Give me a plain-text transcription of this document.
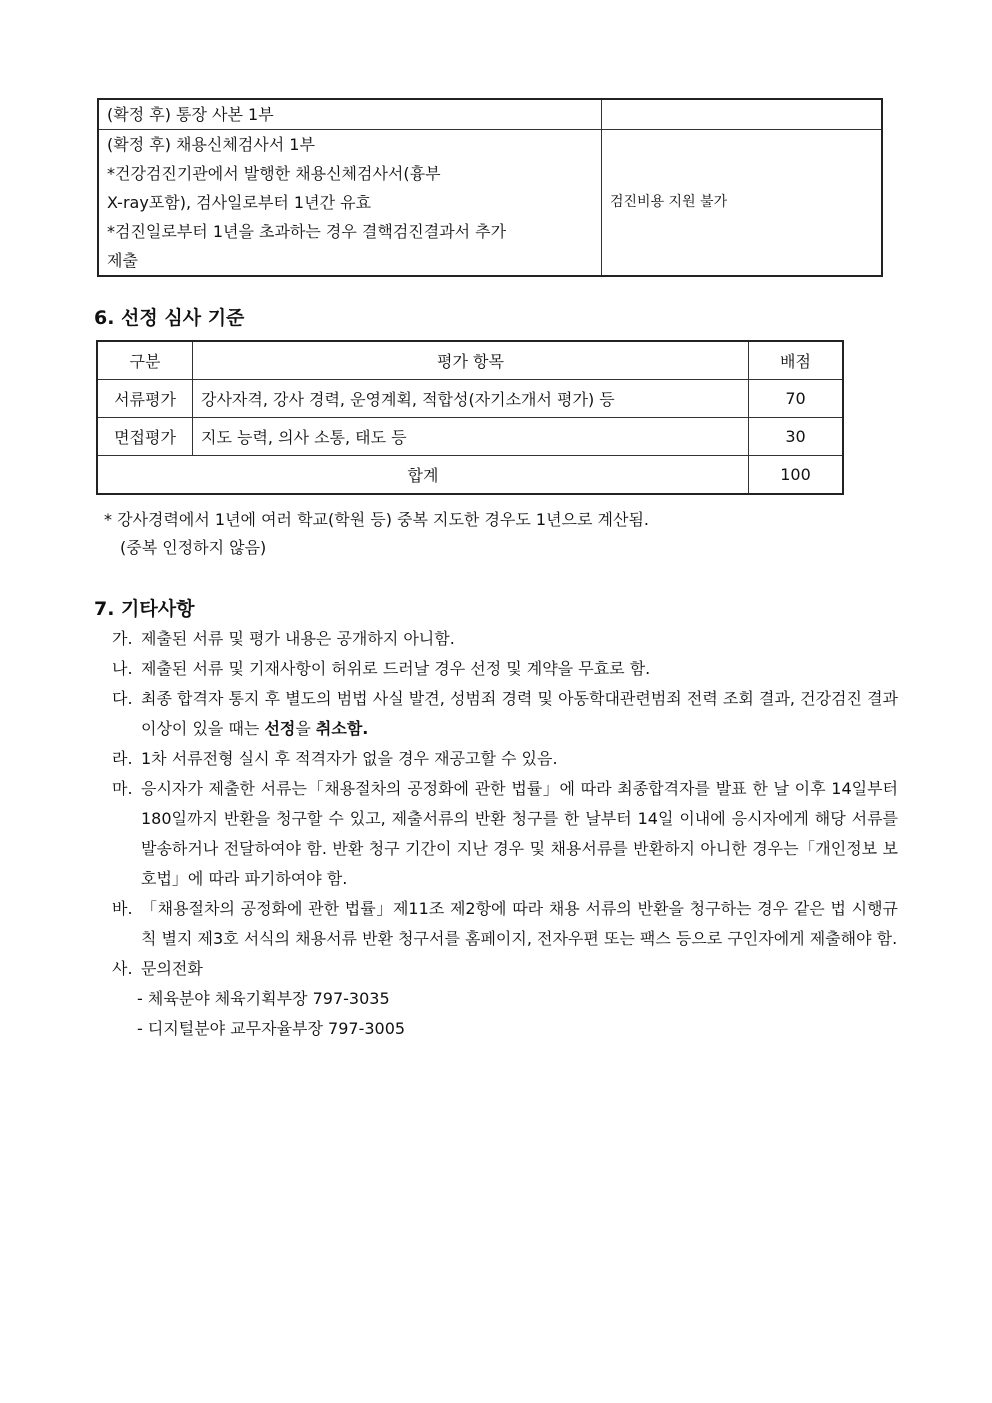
(확정 후) 통장 사본 1부	

(확정 후) 채용신체검사서 1부
*건강검진기관에서 발행한 채용신체검사서(흉부
X-ray포함), 검사일로부터 1년간 유효
*검진일로부터 1년을 초과하는 경우 결핵검진결과서 추가
제출	검진비용 지원 불가
6. 선정 심사 기준
구분	평가 항목	배점
서류평가	강사자격, 강사 경력, 운영계획, 적합성(자기소개서 평가) 등	70
면접평가	지도 능력, 의사 소통, 태도 등	30
합계		100

* 강사경력에서 1년에 여러 학교(학원 등) 중복 지도한 경우도 1년으로 계산됨.

(중복 인정하지 않음)

7. 기타사항
가. 제출된 서류 및 평가 내용은 공개하지 아니함.
나. 제출된 서류 및 기재사항이 허위로 드러날 경우 선정 및 계약을 무효로 함.
다. 최종 합격자 통지 후 별도의 범법 사실 발견, 성범죄 경력 및 아동학대관련범죄 전력 조회 결과, 건강검진 결과 이상이 있을 때는 선정을 취소함.
라. 1차 서류전형 실시 후 적격자가 없을 경우 재공고할 수 있음.
마. 응시자가 제출한 서류는「채용절차의 공정화에 관한 법률」에 따라 최종합격자를 발표 한 날 이후 14일부터 180일까지 반환을 청구할 수 있고, 제출서류의 반환 청구를 한 날부터 14일 이내에 응시자에게 해당 서류를 발송하거나 전달하여야 함. 반환 청구 기간이 지난 경우 및 채용서류를 반환하지 아니한 경우는「개인정보 보호법」에 따라 파기하여야 함.
바. 「채용절차의 공정화에 관한 법률」제11조 제2항에 따라 채용 서류의 반환을 청구하는 경우 같은 법 시행규칙 별지 제3호 서식의 채용서류 반환 청구서를 홈페이지, 전자우편 또는 팩스 등으로 구인자에게 제출해야 함.
사. 문의전화
- 체육분야 체육기획부장 797-3035
- 디지털분야 교무자율부장 797-3005
